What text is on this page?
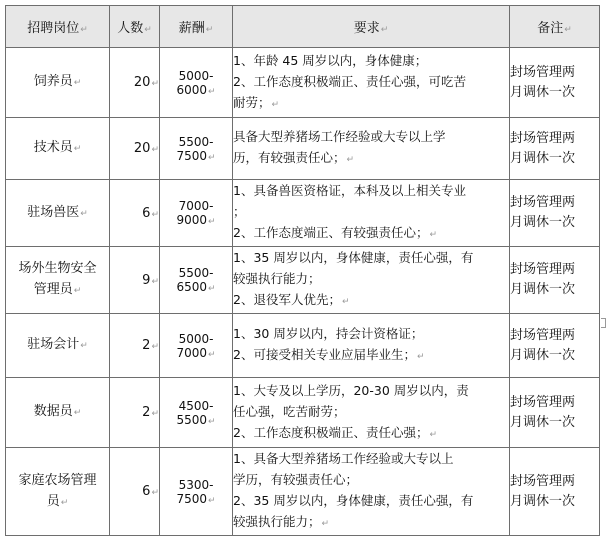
招聘岗位↵	人数↵	薪酬↵	要求↵	备注↵

饲养员↵	20↵	5000-6000↵	1、年龄 45 周岁以内，身体健康；
2、工作态度积极端正、责任心强，可吃苦
耐劳；↵	封场管理两
月调休一次

技术员↵	20↵	5500-7500↵	具备大型养猪场工作经验或大专以上学
历，有较强责任心；↵	封场管理两
月调休一次

驻场兽医↵	6↵	7000-9000↵	1、具备兽医资格证，本科及以上相关专业
；
2、工作态度端正、有较强责任心；↵	封场管理两
月调休一次

场外生物安全
管理员↵	9↵	5500-6500↵	1、35 周岁以内，身体健康，责任心强，有
较强执行能力；
2、退役军人优先；↵	封场管理两
月调休一次

驻场会计↵	2↵	5000-7000↵	1、30 周岁以内，持会计资格证；
2、可接受相关专业应届毕业生；↵	封场管理两
月调休一次

数据员↵	2↵	4500-5500↵	1、大专及以上学历，20-30 周岁以内，责
任心强，吃苦耐劳；
2、工作态度积极端正、责任心强；↵	封场管理两
月调休一次

家庭农场管理
员↵	6↵	5300-7500↵	1、具备大型养猪场工作经验或大专以上
学历，有较强责任心；
2、35 周岁以内，身体健康，责任心强，有
较强执行能力；↵	封场管理两
月调休一次
